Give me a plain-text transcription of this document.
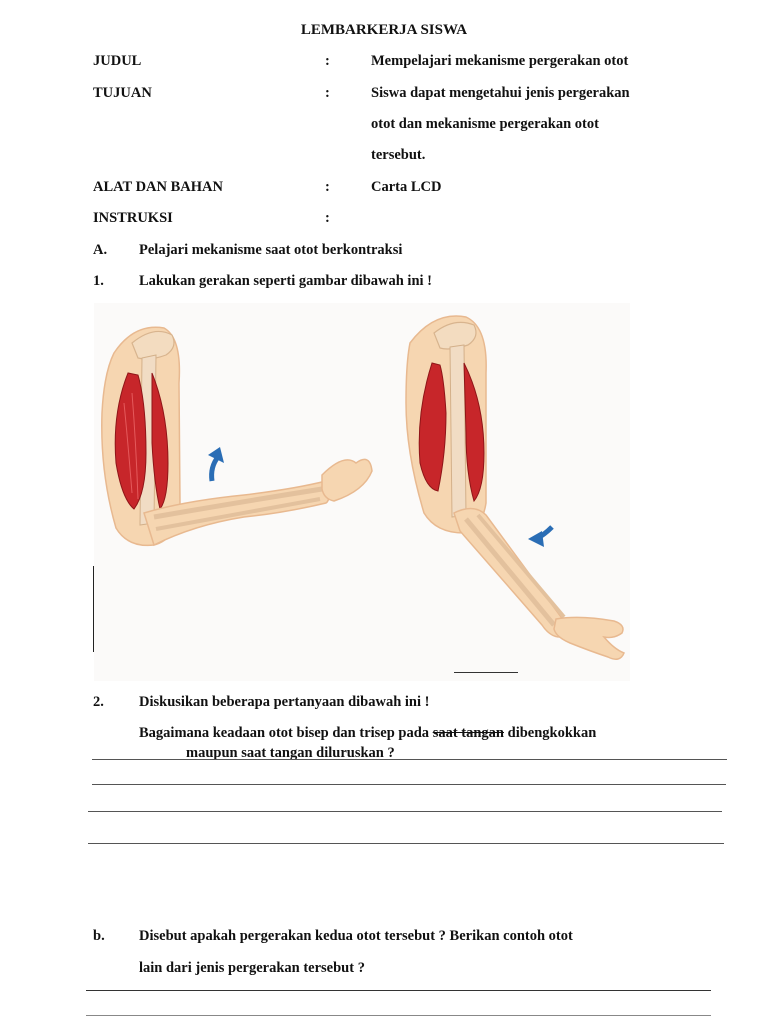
LEMBARKERJA SISWA
JUDUL	:	Mempelajari mekanisme pergerakan otot
TUJUAN	:	Siswa dapat mengetahui jenis pergerakan
otot dan mekanisme pergerakan otot
tersebut.
ALAT DAN BAHAN	:	Carta LCD
INSTRUKSI	:
A. Pelajari mekanisme saat otot berkontraksi
1. Lakukan gerakan seperti gambar dibawah ini !
2. Diskusikan beberapa pertanyaan dibawah ini !
Bagaimana keadaan otot bisep dan trisep pada saat tangan dibengkokkan
maupun saat tangan diluruskan ?
b. Disebut apakah pergerakan kedua otot tersebut ? Berikan contoh otot
lain dari jenis pergerakan tersebut ?
